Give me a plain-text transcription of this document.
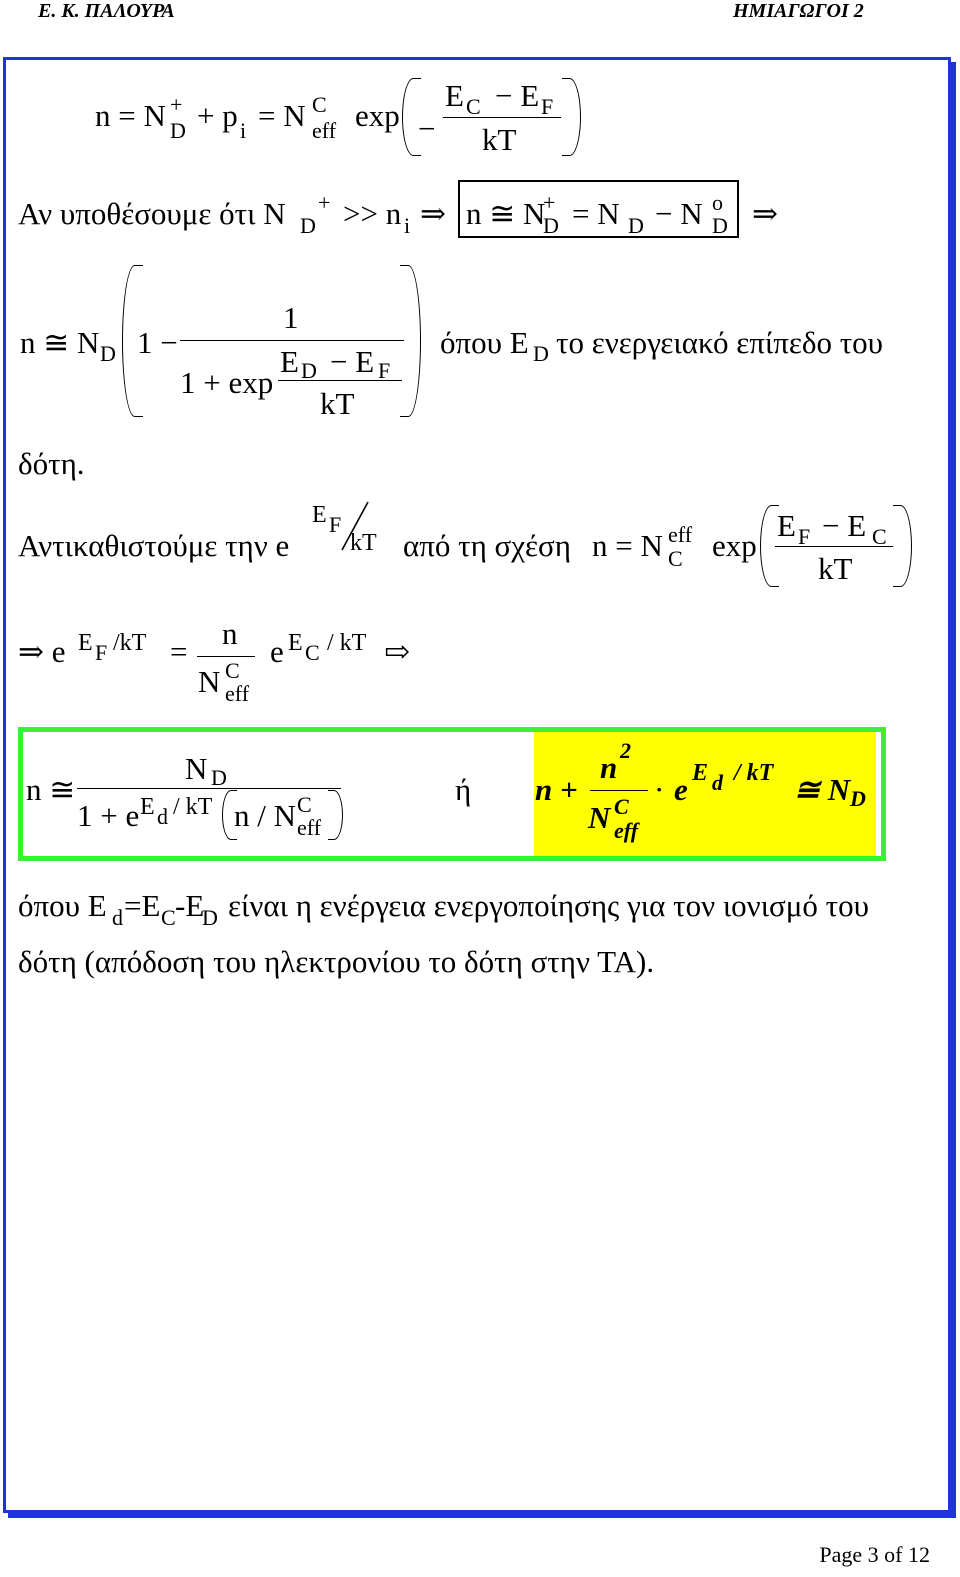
Ε. Κ. ΠΑΛΟΥΡΑ	ΗΜΙΑΓΩΓΟΙ 2
n = N +
D + p i = N C
eff exp −
E C − E F
kT
Αν υποθέσουμε ότι N D
+ >> n i ⇒ n ≅ N
+
D = N D − N o
D ⇒
n ≅ N D 1 −
1
1 + exp
E D − E F
kT
όπου E D το ενεργειακό επίπεδο του
δότη.
Αντικαθιστούμε την e
E F
kT από τη σχέση n = N eff
C exp
E F − E C
kT
⇒ e E F /kT =
n
N C
eff
e E C / kT ⇨
n ≅
N D
1 + e E d / kT n / N C
eff
ή n +
n 2
N C
eff
· e E d / kT ≅ N D
όπου E d =E C -E
D είναι η ενέργεια ενεργοποίησης για τον ιονισμό του
δότη (απόδοση του ηλεκτρονίου το δότη στην ΤΑ).
Page 3 of 12
